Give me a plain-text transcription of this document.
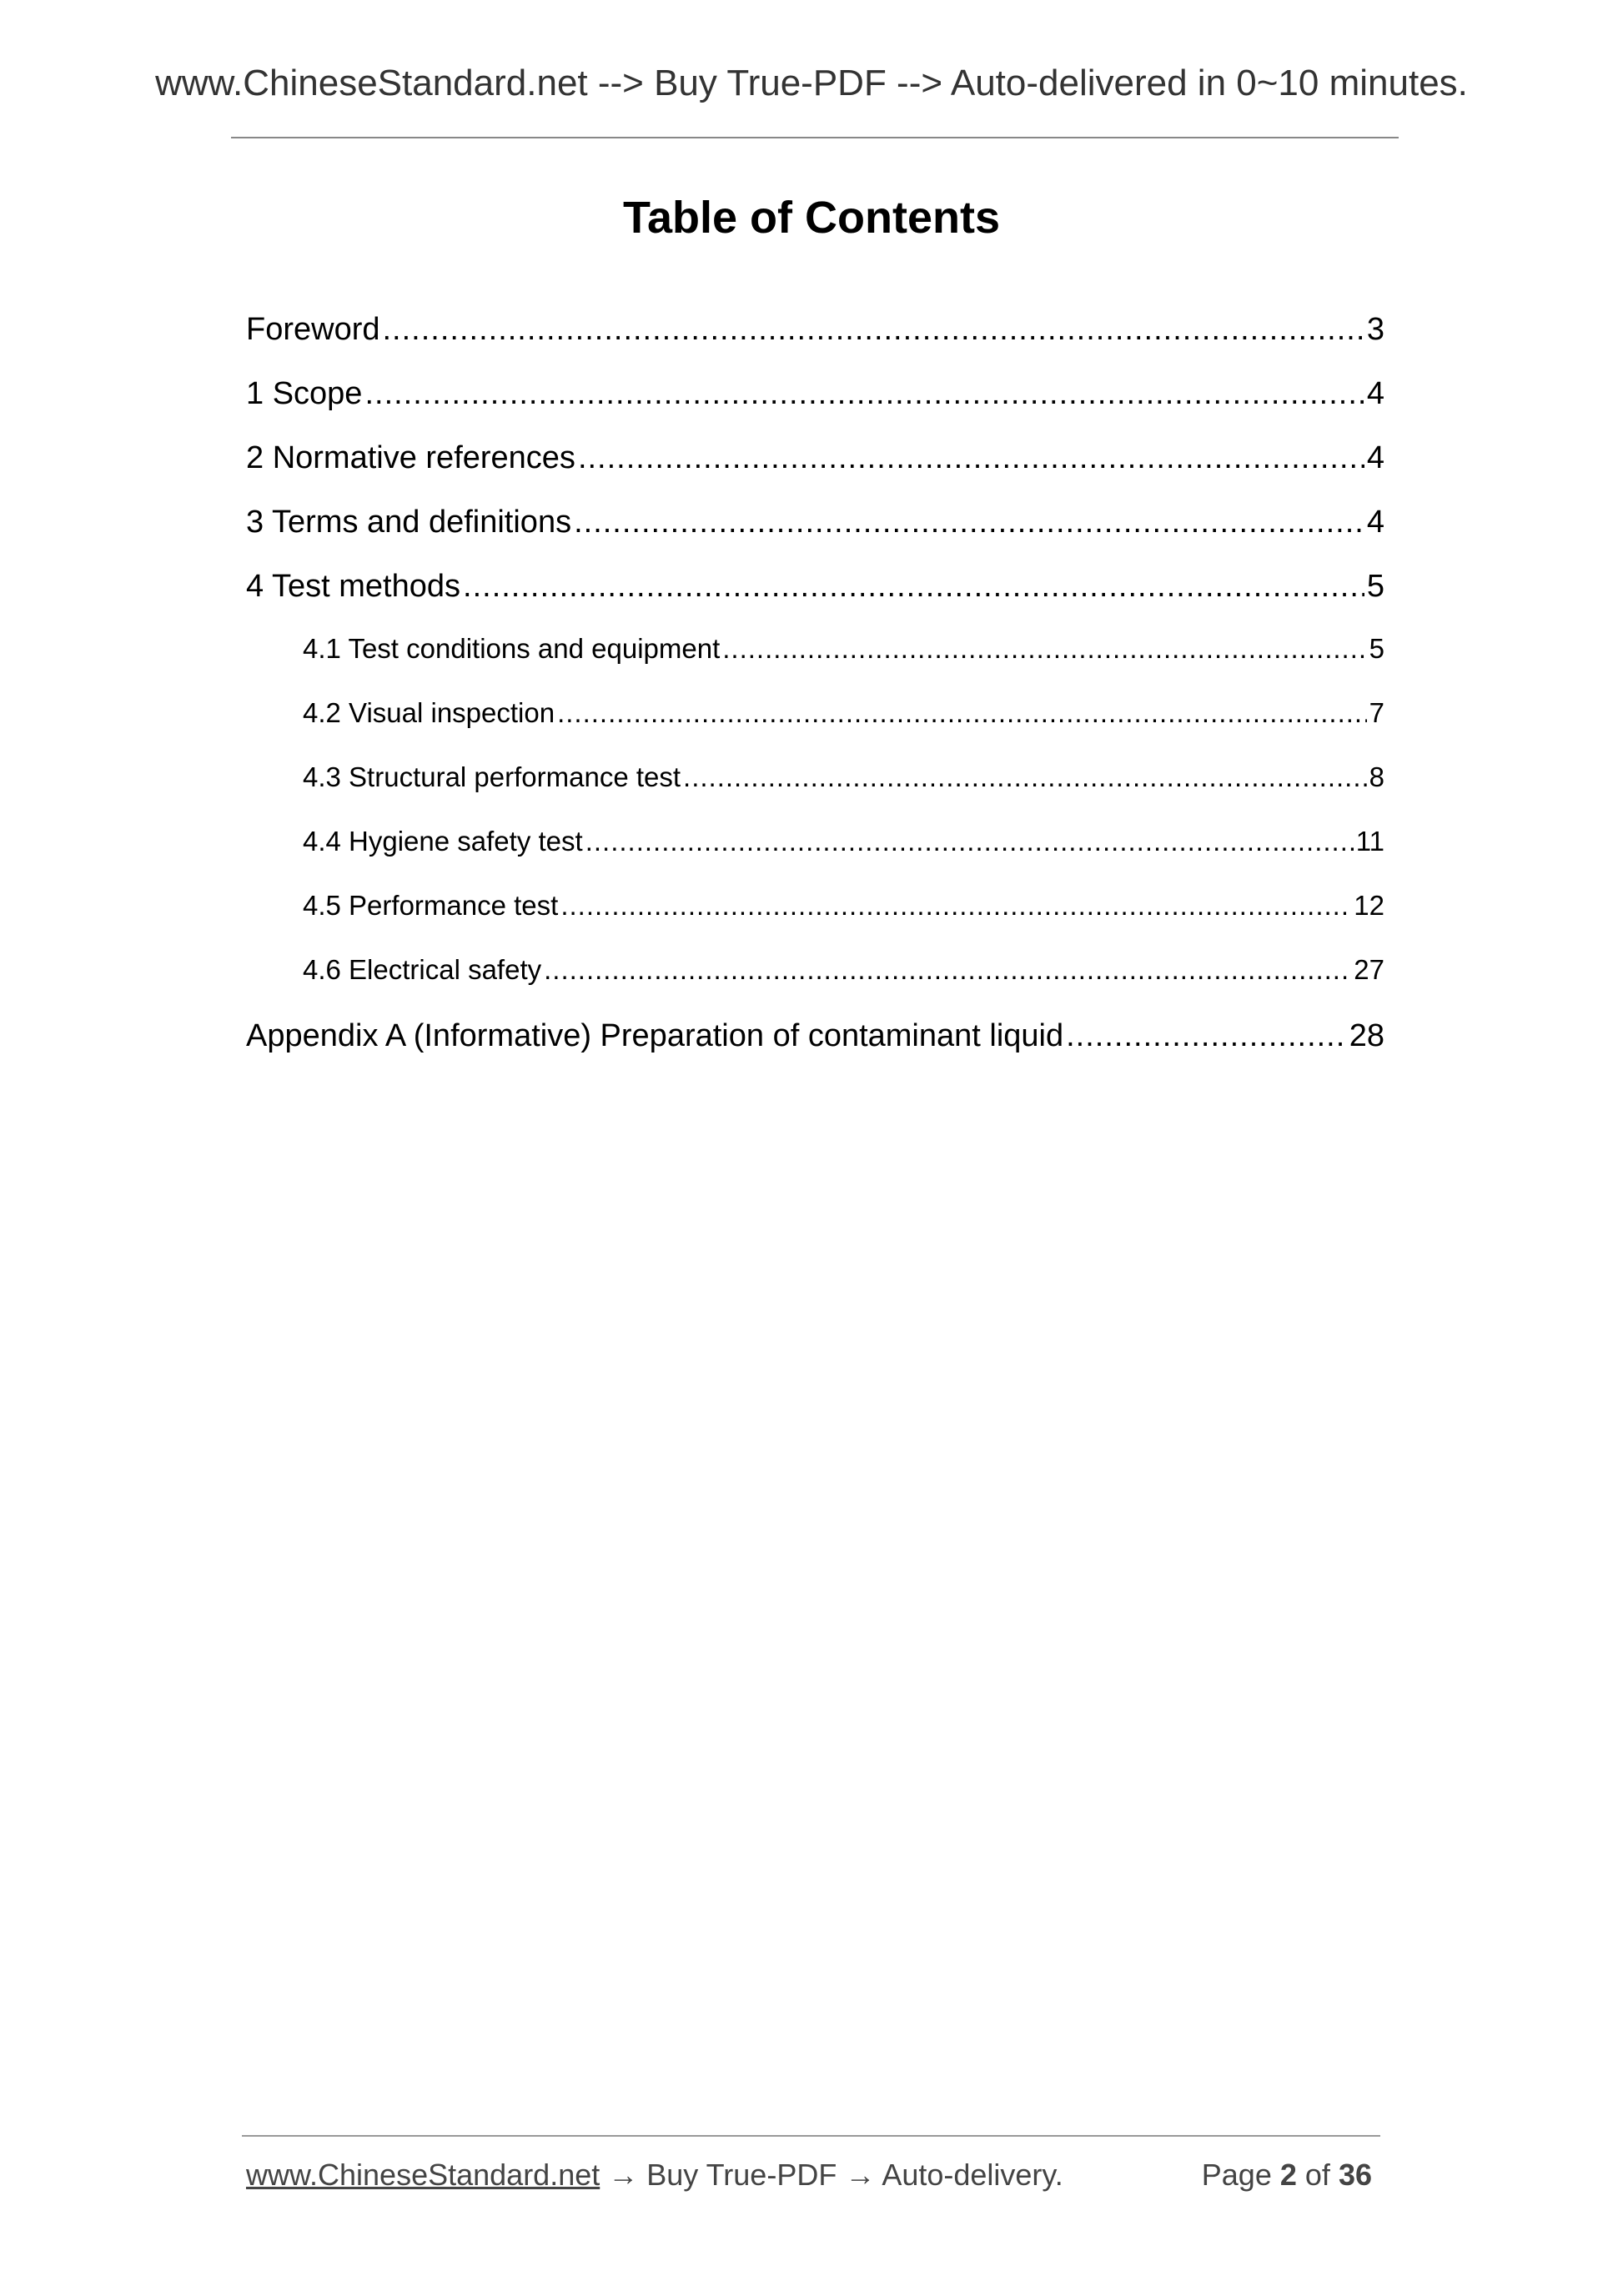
www.ChineseStandard.net --> Buy True-PDF --> Auto-delivered in 0~10 minutes.
Table of Contents
Foreword .....	3
1 Scope .....	4
2 Normative references .....	4
3 Terms and definitions .....	4
4 Test methods .....	5
4.1 Test conditions and equipment .....	5
4.2 Visual inspection .....	7
4.3 Structural performance test .....	8
4.4 Hygiene safety test .....	11
4.5 Performance test .....	12
4.6 Electrical safety .....	27
Appendix A (Informative) Preparation of contaminant liquid .....	28
www.ChineseStandard.net → Buy True-PDF → Auto-delivery.	Page 2 of 36
